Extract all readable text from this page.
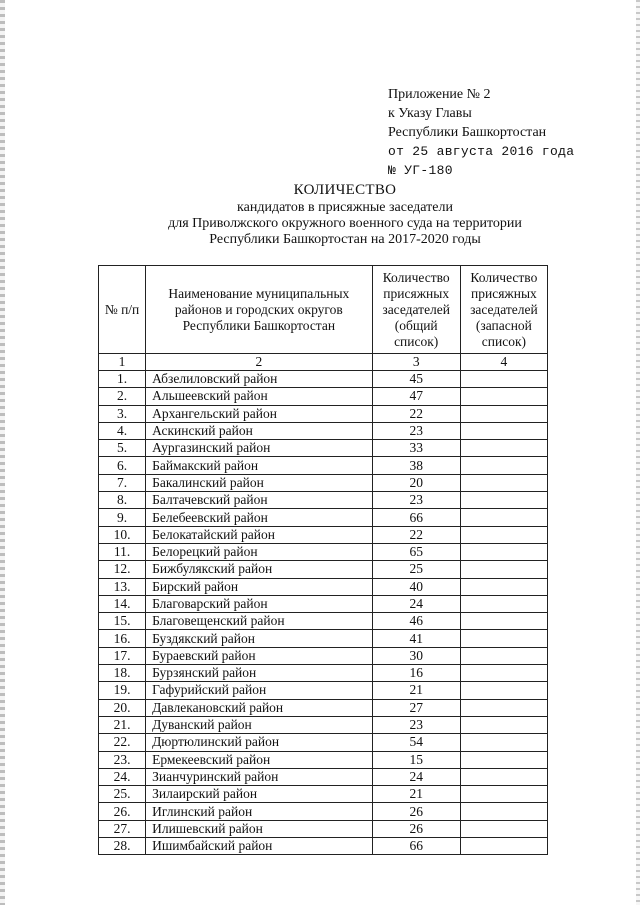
Приложение № 2
к Указу Главы
Республики Башкортостан
от 25 августа 2016 года
№ УГ-180
КОЛИЧЕСТВО
кандидатов в присяжные заседатели
для Приволжского окружного военного суда на территории
Республики Башкортостан на 2017-2020 годы
№ п/п	Наименование муниципальных районов и городских округов Республики Башкортостан	Количество присяжных заседателей (общий список)	Количество присяжных заседателей (запасной список)
1	2	3	4
1.	Абзелиловский район	45	
2.	Альшеевский район	47	
3.	Архангельский район	22	
4.	Аскинский район	23	
5.	Аургазинский район	33	
6.	Баймакский район	38	
7.	Бакалинский район	20	
8.	Балтачевский район	23	
9.	Белебеевский район	66	
10.	Белокатайский район	22	
11.	Белорецкий район	65	
12.	Бижбулякский район	25	
13.	Бирский район	40	
14.	Благоварский район	24	
15.	Благовещенский район	46	
16.	Буздякский район	41	
17.	Бураевский район	30	
18.	Бурзянский район	16	
19.	Гафурийский район	21	
20.	Давлекановский район	27	
21.	Дуванский район	23	
22.	Дюртюлинский район	54	
23.	Ермекеевский район	15	
24.	Зианчуринский район	24	
25.	Зилаирский район	21	
26.	Иглинский район	26	
27.	Илишевский район	26	
28.	Ишимбайский район	66	
